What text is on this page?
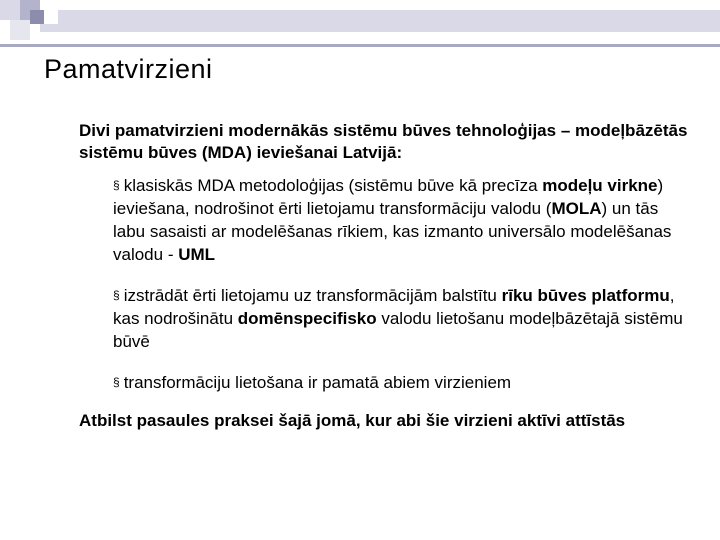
Pamatvirzieni

Divi pamatvirzieni modernākās sistēmu būves tehnoloģijas – modeļbāzētās sistēmu būves (MDA) ieviešanai Latvijā:

§ klasiskās MDA metodoloģijas (sistēmu būve kā precīza modeļu virkne) ieviešana, nodrošinot ērti lietojamu transformāciju valodu (MOLA) un tās labu sasaisti ar modelēšanas rīkiem, kas izmanto universālo modelēšanas valodu - UML
§ izstrādāt ērti lietojamu uz transformācijām balstītu rīku būves platformu, kas nodrošinātu domēnspecifisko valodu lietošanu modeļbāzētajā sistēmu būvē
§ transformāciju lietošana ir pamatā abiem virzieniem

Atbilst pasaules praksei šajā jomā, kur abi šie virzieni aktīvi attīstās
